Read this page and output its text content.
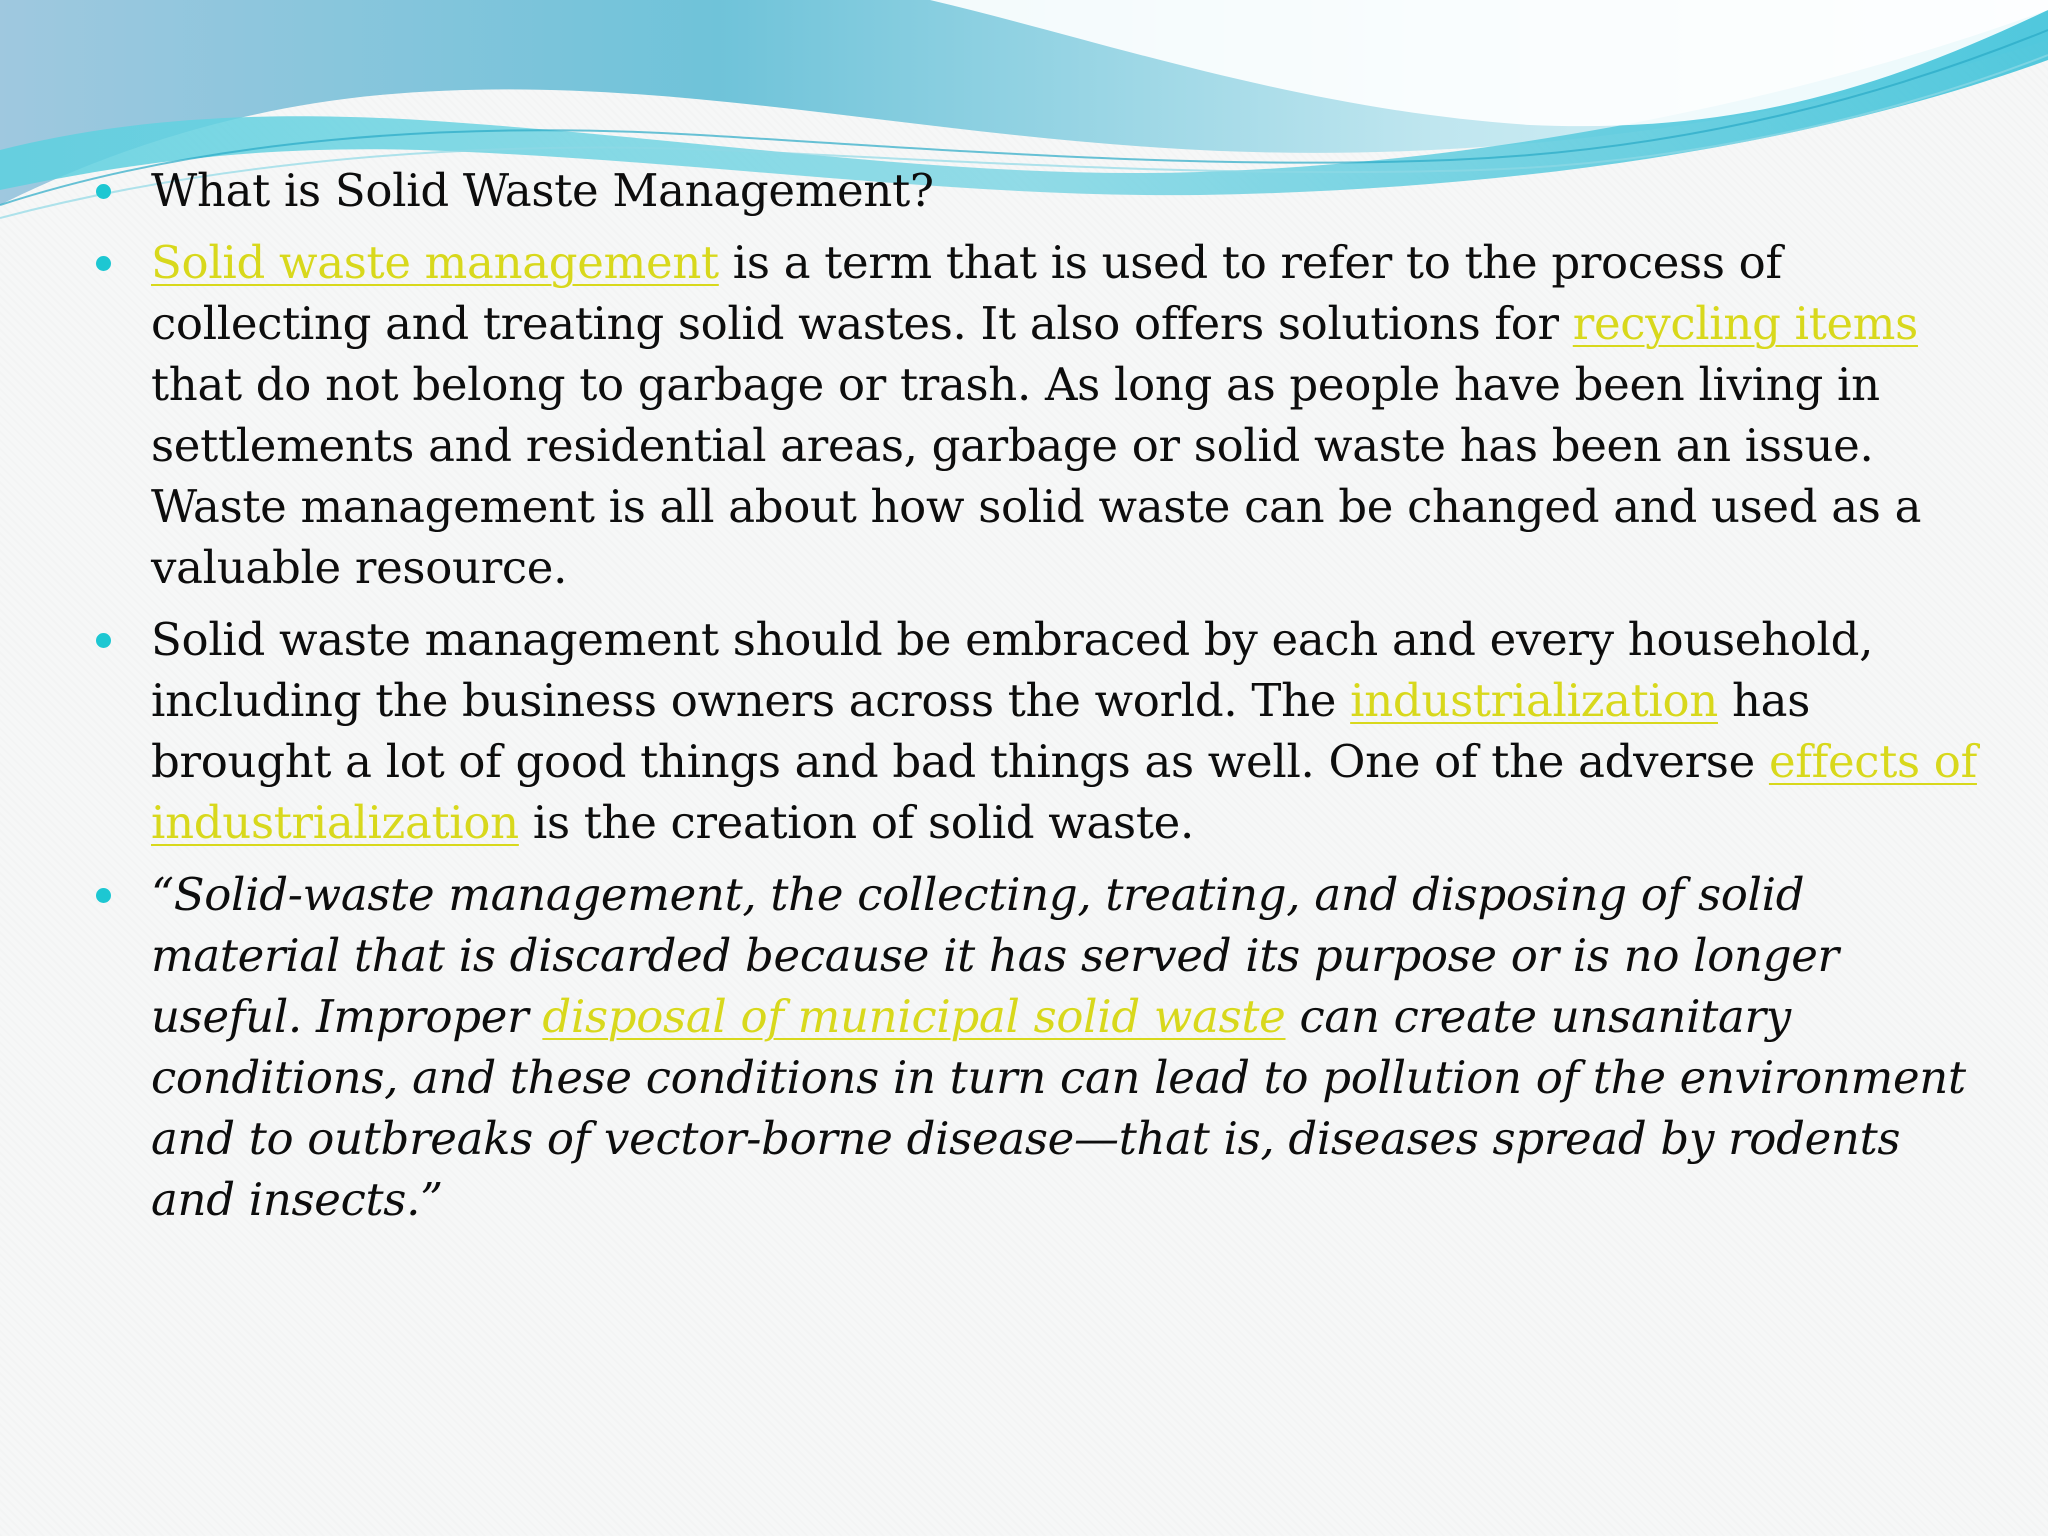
What is Solid Waste Management?
Solid waste management is a term that is used to refer to the process of collecting and treating solid wastes. It also offers solutions for recycling items that do not belong to garbage or trash. As long as people have been living in settlements and residential areas, garbage or solid waste has been an issue. Waste management is all about how solid waste can be changed and used as a valuable resource.
Solid waste management should be embraced by each and every household, including the business owners across the world. The industrialization has brought a lot of good things and bad things as well. One of the adverse effects of industrialization is the creation of solid waste.
“Solid-waste management, the collecting, treating, and disposing of solid material that is discarded because it has served its purpose or is no longer useful. Improper disposal of municipal solid waste can create unsanitary conditions, and these conditions in turn can lead to pollution of the environment and to outbreaks of vector-borne disease—that is, diseases spread by rodents and insects.”
